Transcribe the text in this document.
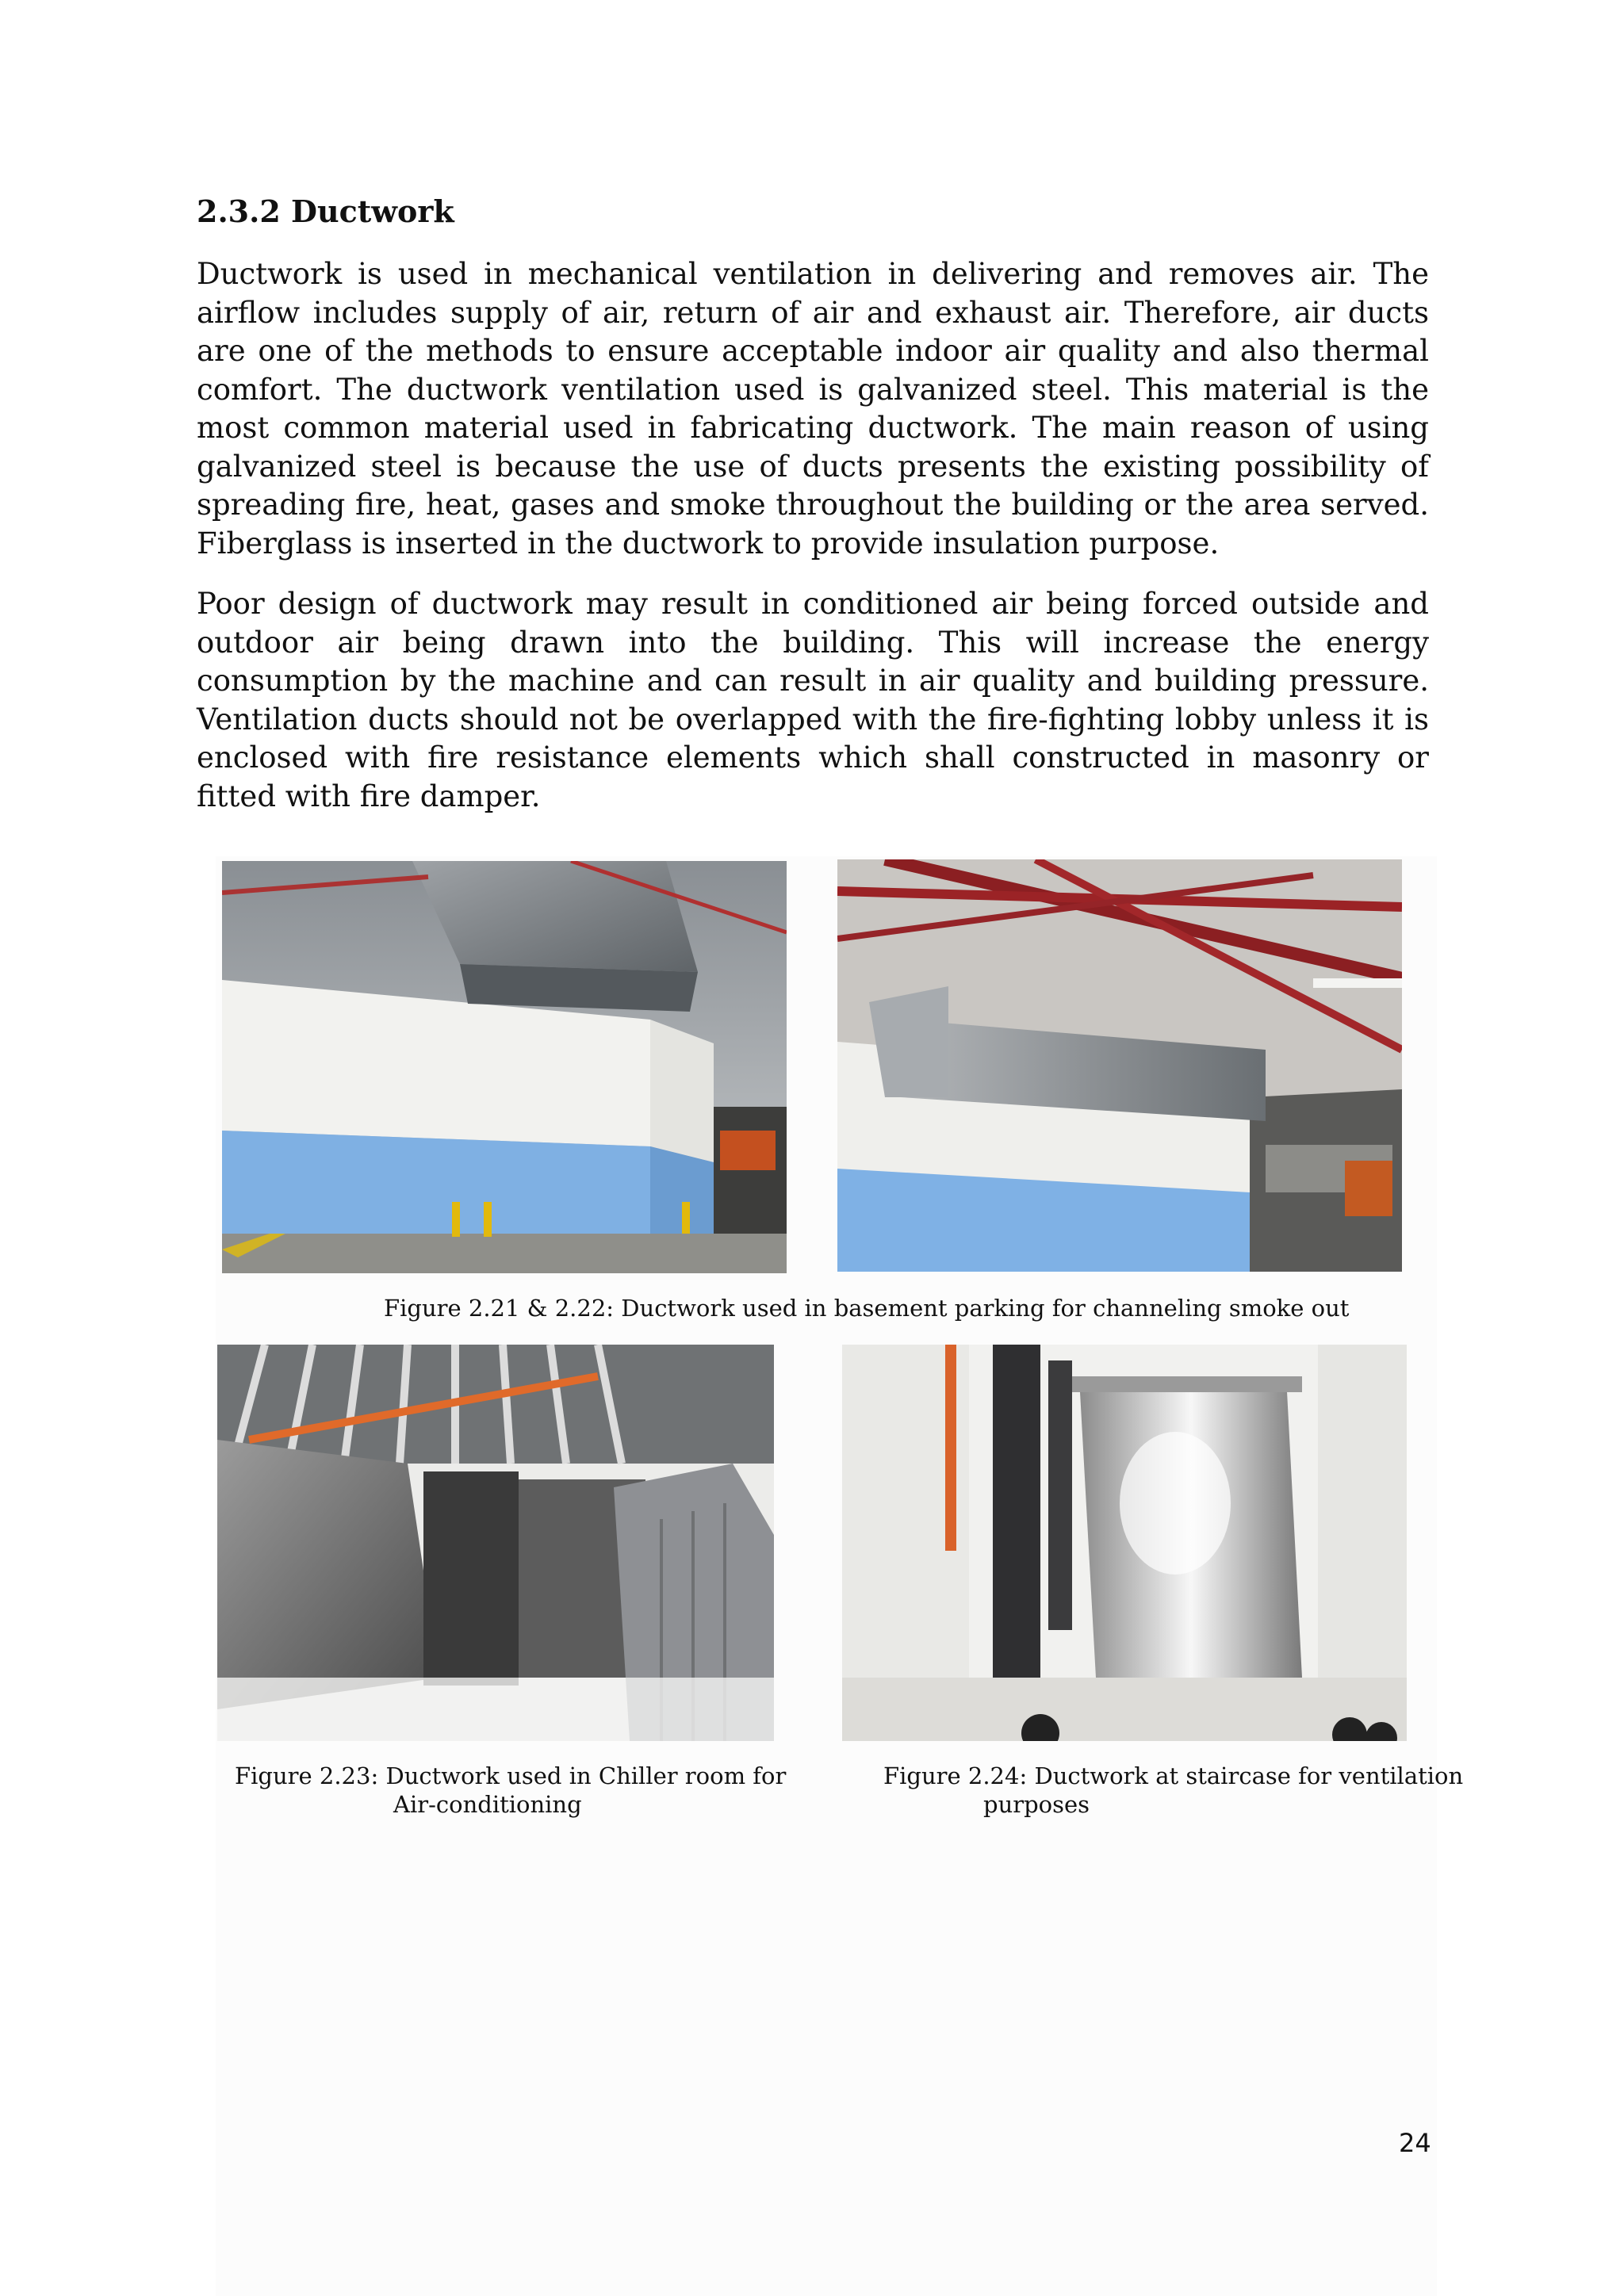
2.3.2 Ductwork

Ductwork is used in mechanical ventilation in delivering and removes air. The airflow includes supply of air, return of air and exhaust air. Therefore, air ducts are one of the methods to ensure acceptable indoor air quality and also thermal comfort. The ductwork ventilation used is galvanized steel. This material is the most common material used in fabricating ductwork. The main reason of using galvanized steel is because the use of ducts presents the existing possibility of spreading fire, heat, gases and smoke throughout the building or the area served. Fiberglass is inserted in the ductwork to provide insulation purpose.

Poor design of ductwork may result in conditioned air being forced outside and outdoor air being drawn into the building. This will increase the energy consumption by the machine and can result in air quality and building pressure. Ventilation ducts should not be overlapped with the fire-fighting lobby unless it is enclosed with fire resistance elements which shall constructed in masonry or fitted with fire damper.

Figure 2.21 & 2.22: Ductwork used in basement parking for channeling smoke out

Figure 2.23: Ductwork used in Chiller room for

Air-conditioning

Figure 2.24: Ductwork at staircase for ventilation

purposes

24
